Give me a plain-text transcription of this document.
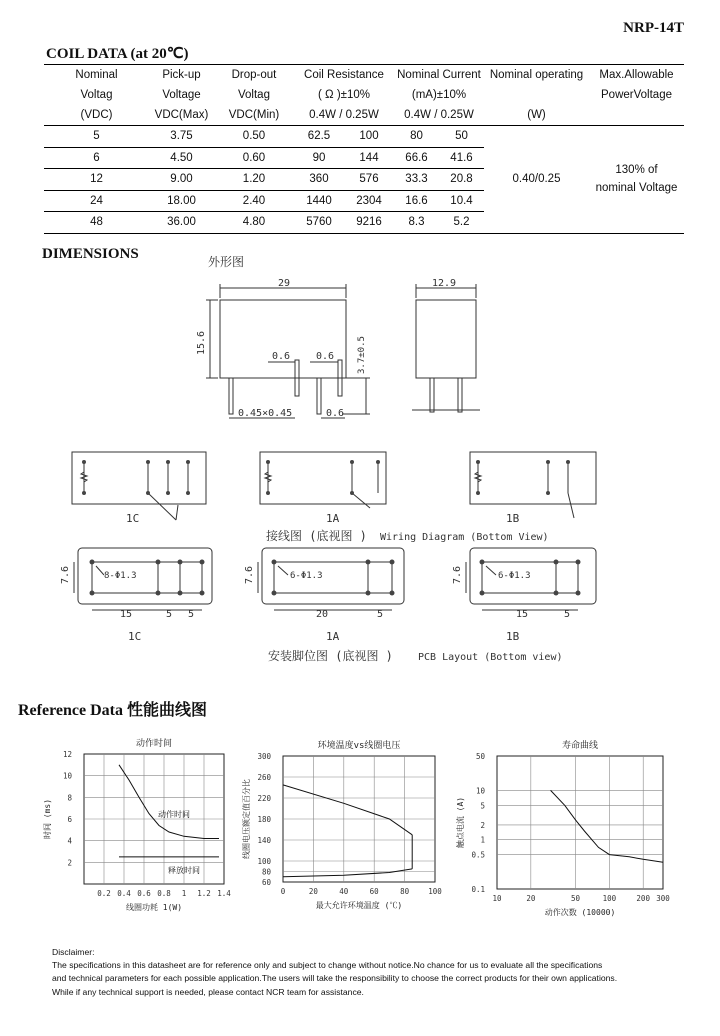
NRP-14T
COIL DATA (at 20℃)
Nominal	Pick-up	Drop-out	Coil Resistance		Nominal Current		Nominal operating	Max.Allowable
Voltag	Voltage	Voltag	( Ω )±10%		(mA)±10%			PowerVoltage
(VDC)	VDC(Max)	VDC(Min)	0.4W / 0.25W		0.4W / 0.25W		(W)	
5	3.75	0.50	62.5	100	80	50	0.40/0.25	130% of
nominal Voltage

6	4.50	0.60	90	144	66.6	41.6		
12	9.00	1.20	360	576	33.3	20.8		
24	18.00	2.40	1440	2304	16.6	10.4		
48	36.00	4.80	5760	9216	8.3	5.2		
DIMENSIONS	外形图
29	12.9
15.6	3.7±0.5
0.6	0.6
0.45×0.45	0.6
1C	1A	1B
接线图 (底视图 ) Wiring Diagram (Bottom View)
7.6	7.6	7.6
8-Φ1.3	6-Φ1.3	6-Φ1.3
15	5 5	20	5	15	5
1C	1A	1B
安装脚位图 (底视图 )	PCB Layout (Bottom view)
Reference Data 性能曲线图
0.2 0.4 0.6 0.8 1 1.2 1.4
2
4
6
8
10
12
动作时间
线圈功耗 1(W)
时间 (ms)	动作时间
释放时间
0	20	40	60	80	100
60
80
100
140
180
220
260
300
环境温度vs线圈电压
最大允许环境温度 (℃)
线圈电压额定值百分比
10	20	50	100	200 300
0.1
0.5
1
2
5
10
50
寿命曲线
动作次数 (10000)
触点电流 (A)
Disclaimer:
The specifications in this datasheet are for reference only and subject to change without notice.No chance for us to evaluate all the specifications
and technical parameters for each possible application.The users will take the responsibility to choose the correct products for their own applications.
While if any technical support is needed, please contact NCR team for assistance.
